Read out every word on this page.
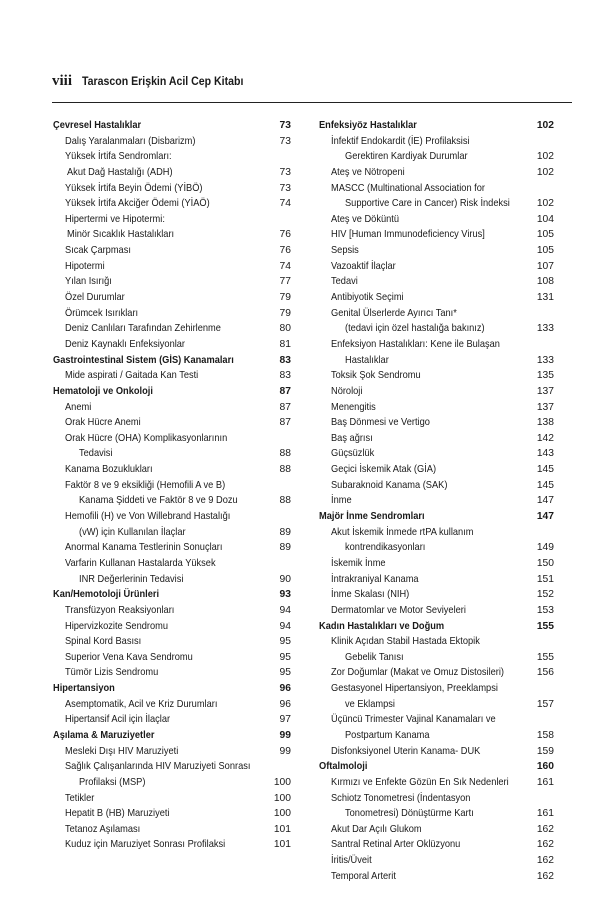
viii Tarascon Erişkin Acil Cep Kitabı
Çevresel Hastalıklar	73
Dalış Yaralanmaları (Disbarizm)	73
Yüksek İrtifa Sendromları:
Akut Dağ Hastalığı (ADH)	73
Yüksek İrtifa Beyin Ödemi (YİBÖ)	73
Yüksek İrtifa Akciğer Ödemi (YİAÖ)	74
Hipertermi ve Hipotermi:
Minör Sıcaklık Hastalıkları	76
Sıcak Çarpması	76
Hipotermi	74
Yılan Isırığı	77
Özel Durumlar	79
Örümcek Isırıkları	79
Deniz Canlıları Tarafından Zehirlenme	80
Deniz Kaynaklı Enfeksiyonlar	81
Gastrointestinal Sistem (GİS) Kanamaları	83
Mide aspirati / Gaitada Kan Testi	83
Hematoloji ve Onkoloji	87
Anemi	87
Orak Hücre Anemi	87
Orak Hücre (OHA) Komplikasyonlarının
Tedavisi	88
Kanama Bozuklukları	88
Faktör 8 ve 9 eksikliği (Hemofili A ve B)
Kanama Şiddeti ve Faktör 8 ve 9 Dozu	88
Hemofili (H) ve Von Willebrand Hastalığı
(vW) için Kullanılan İlaçlar	89
Anormal Kanama Testlerinin Sonuçları	89
Varfarin Kullanan Hastalarda Yüksek
INR Değerlerinin Tedavisi	90
Kan/Hemotoloji Ürünleri	93
Transfüzyon Reaksiyonları	94
Hipervizkozite Sendromu	94
Spinal Kord Basısı	95
Superior Vena Kava Sendromu	95
Tümör Lizis Sendromu	95
Hipertansiyon	96
Asemptomatik, Acil ve Kriz Durumları	96
Hipertansif Acil için İlaçlar	97
Aşılama & Maruziyetler	99
Mesleki Dışı HIV Maruziyeti	99
Sağlık Çalışanlarında HIV Maruziyeti Sonrası
Profilaksi (MSP)	100
Tetikler	100
Hepatit B (HB) Maruziyeti	100
Tetanoz Aşılaması	101
Kuduz için Maruziyet Sonrası Profilaksi	101
Enfeksiyöz Hastalıklar	102
İnfektif Endokardit (İE) Profilaksisi
Gerektiren Kardiyak Durumlar	102
Ateş ve Nötropeni	102
MASCC (Multinational Association for
Supportive Care in Cancer) Risk İndeksi	102
Ateş ve Döküntü	104
HIV [Human Immunodeficiency Virus]	105
Sepsis	105
Vazoaktif İlaçlar	107
Tedavi	108
Antibiyotik Seçimi	131
Genital Ülserlerde Ayırıcı Tanı*
(tedavi için özel hastalığa bakınız)	133
Enfeksiyon Hastalıkları: Kene ile Bulaşan
Hastalıklar	133
Toksik Şok Sendromu	135
Nöroloji	137
Menengitis	137
Baş Dönmesi ve Vertigo	138
Baş ağrısı	142
Güçsüzlük	143
Geçici İskemik Atak (GİA)	145
Subaraknoid Kanama (SAK)	145
İnme	147
Majör İnme Sendromları	147
Akut İskemik İnmede rtPA kullanım
kontrendikasyonları	149
İskemik İnme	150
İntrakraniyal Kanama	151
İnme Skalası (NIH)	152
Dermatomlar ve Motor Seviyeleri	153
Kadın Hastalıkları ve Doğum	155
Klinik Açıdan Stabil Hastada Ektopik
Gebelik Tanısı	155
Zor Doğumlar (Makat ve Omuz Distosileri)	156
Gestasyonel Hipertansiyon, Preeklampsi
ve Eklampsi	157
Üçüncü Trimester Vajinal Kanamaları ve
Postpartum Kanama	158
Disfonksiyonel Uterin Kanama- DUK	159
Oftalmoloji	160
Kırmızı ve Enfekte Gözün En Sık Nedenleri	161
Schiotz Tonometresi (İndentasyon
Tonometresi) Dönüştürme Kartı	161
Akut Dar Açılı Glukom	162
Santral Retinal Arter Oklüzyonu	162
İritis/Üveit	162
Temporal Arterit	162
